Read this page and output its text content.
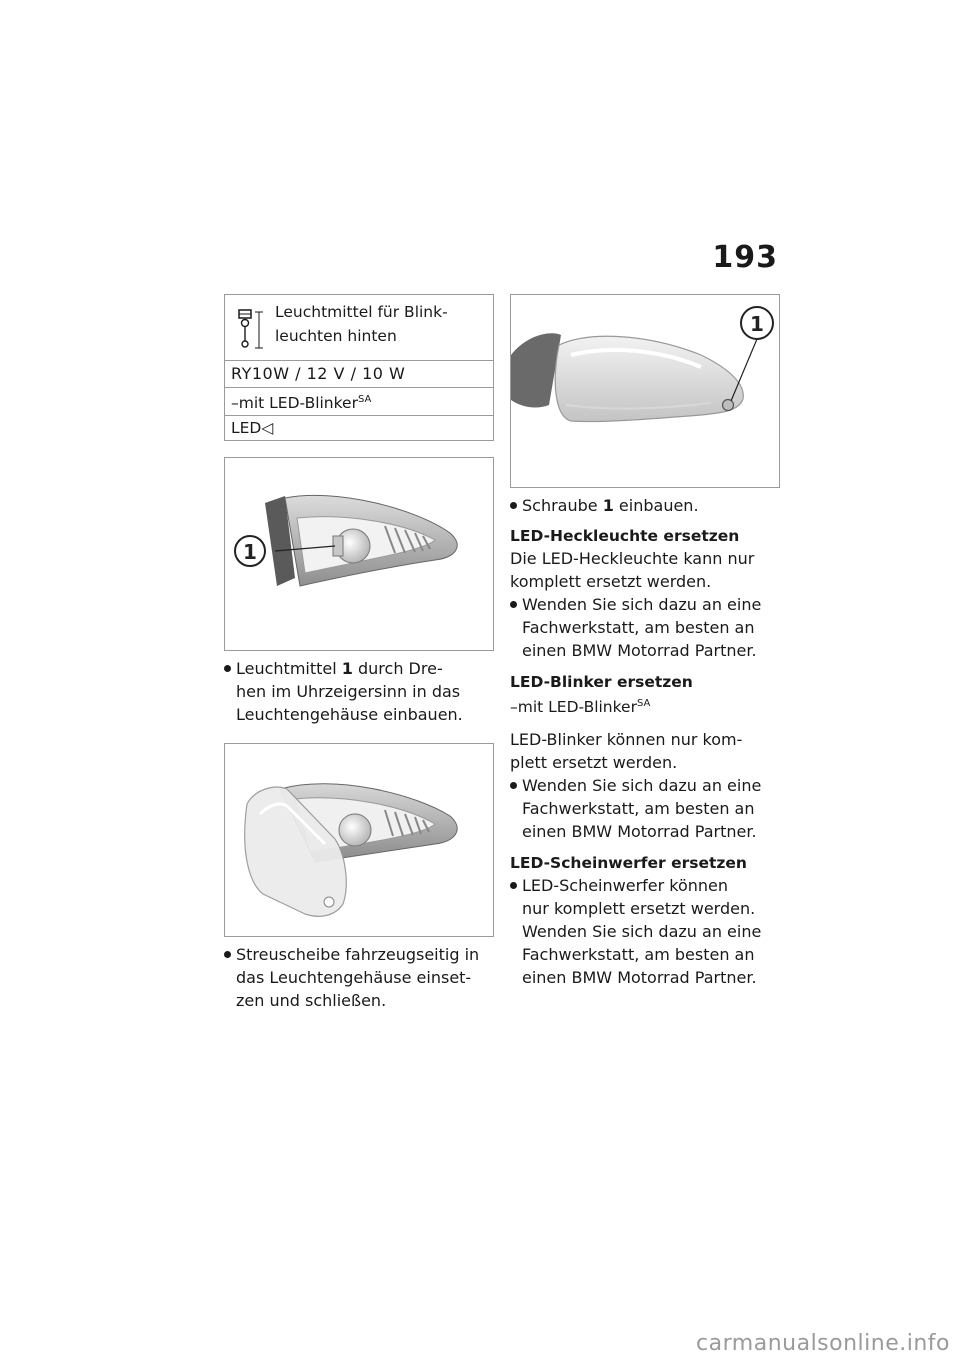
193
Leuchtmittel für Blink-
leuchten hinten
RY10W / 12 V / 10 W
–mit LED-Blinker$^{SA}$
LED◁
1

Leuchtmittel 1 durch Dre-

hen im Uhrzeigersinn in das

Leuchtengehäuse einbauen.

Streuscheibe fahrzeugseitig in

das Leuchtengehäuse einset-

zen und schließen.

1

Schraube 1 einbauen.

LED-Heckleuchte ersetzen

Die LED-Heckleuchte kann nur

komplett ersetzt werden.

Wenden Sie sich dazu an eine

Fachwerkstatt, am besten an

einen BMW Motorrad Partner.

LED-Blinker ersetzen

–mit LED-Blinker$^{SA}$

LED-Blinker können nur kom-

plett ersetzt werden.

Wenden Sie sich dazu an eine

Fachwerkstatt, am besten an

einen BMW Motorrad Partner.

LED-Scheinwerfer ersetzen

LED-Scheinwerfer können

nur komplett ersetzt werden.

Wenden Sie sich dazu an eine

Fachwerkstatt, am besten an

einen BMW Motorrad Partner.

carmanualsonline.info
